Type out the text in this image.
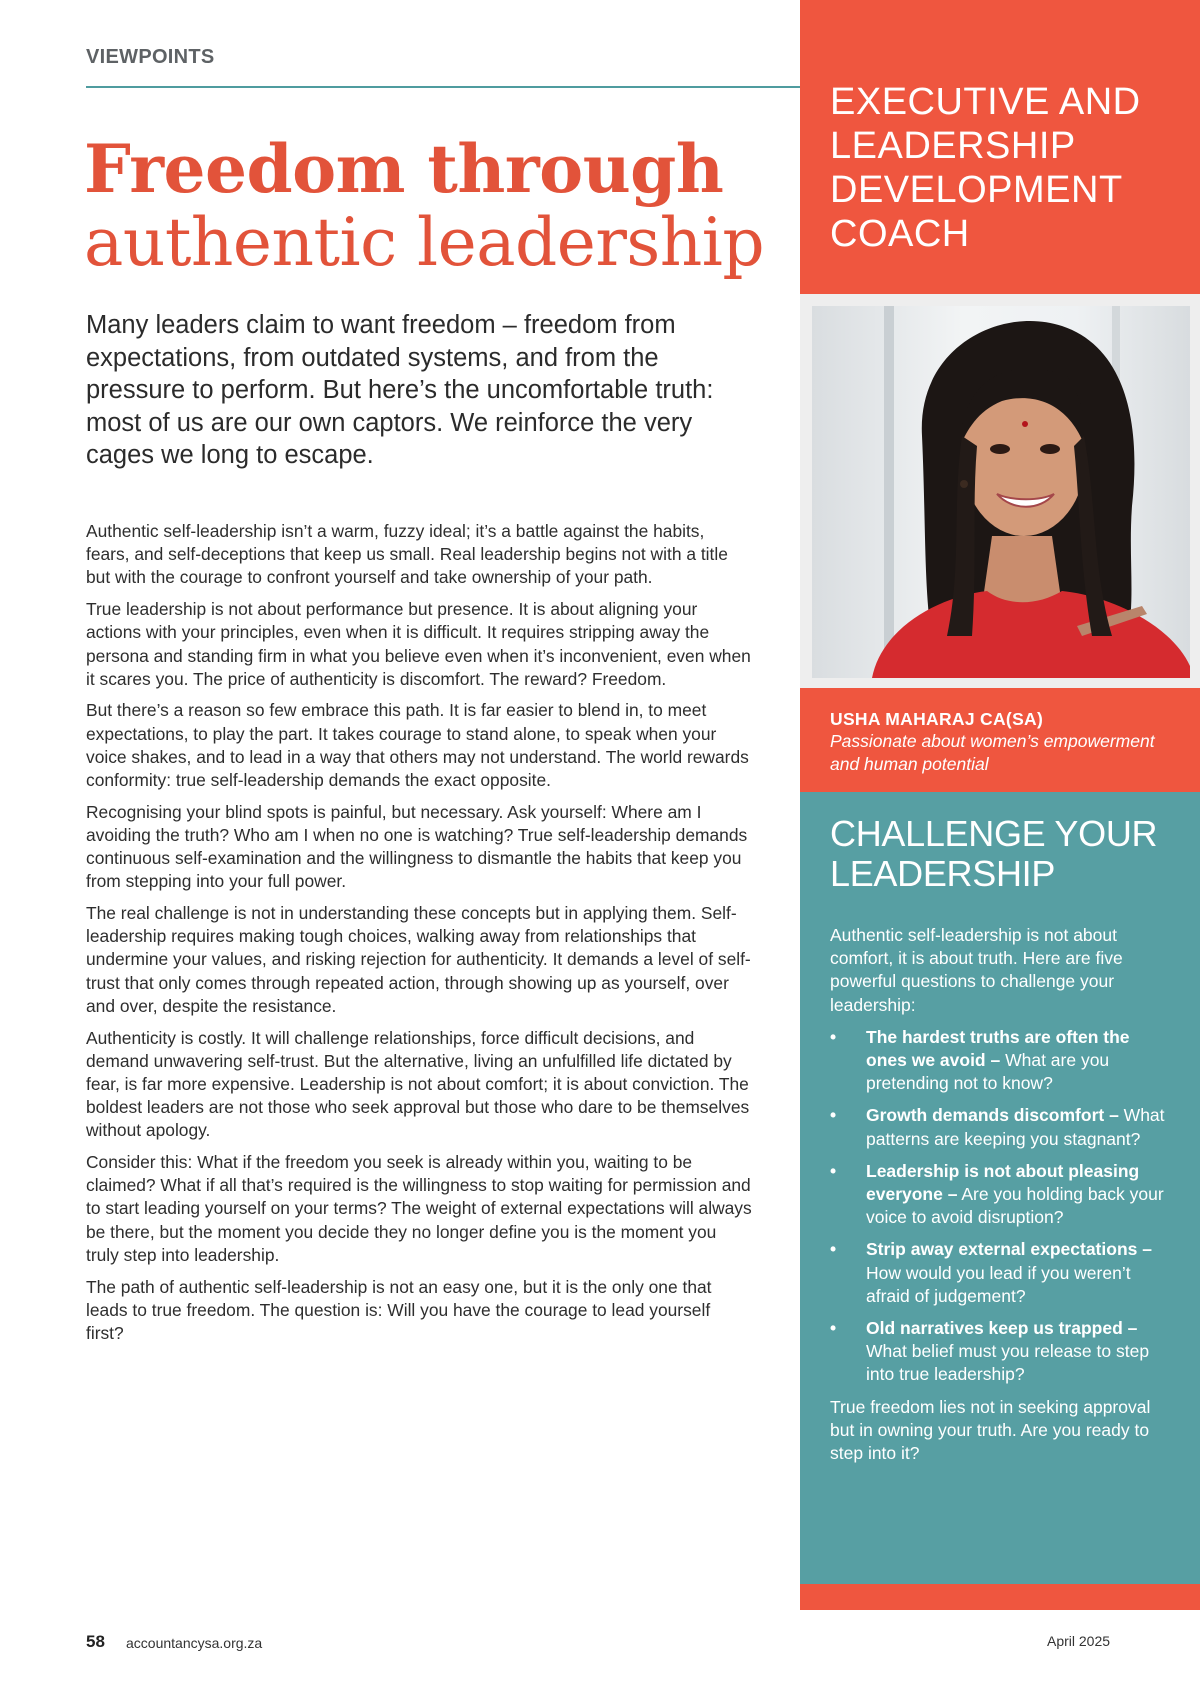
VIEWPOINTS
Freedom through
authentic leadership

Many leaders claim to want freedom – freedom from expectations, from outdated systems, and from the pressure to perform. But here’s the uncomfortable truth: most of us are our own captors. We reinforce the very cages we long to escape.

Authentic self-leadership isn’t a warm, fuzzy ideal; it’s a battle against the habits, fears, and self-deceptions that keep us small. Real leadership begins not with a title but with the courage to confront yourself and take ownership of your path.

True leadership is not about performance but presence. It is about aligning your actions with your principles, even when it is difficult. It requires stripping away the persona and standing firm in what you believe even when it’s inconvenient, even when it scares you. The price of authenticity is discomfort. The reward? Freedom.

But there’s a reason so few embrace this path. It is far easier to blend in, to meet expectations, to play the part. It takes courage to stand alone, to speak when your voice shakes, and to lead in a way that others may not understand. The world rewards conformity: true self-leadership demands the exact opposite.

Recognising your blind spots is painful, but necessary. Ask yourself: Where am I avoiding the truth? Who am I when no one is watching? True self-leadership demands continuous self-examination and the willingness to dismantle the habits that keep you from stepping into your full power.

The real challenge is not in understanding these concepts but in applying them. Self-leadership requires making tough choices, walking away from relationships that undermine your values, and risking rejection for authenticity. It demands a level of self-trust that only comes through repeated action, through showing up as yourself, over and over, despite the resistance.

Authenticity is costly. It will challenge relationships, force difficult decisions, and demand unwavering self-trust. But the alternative, living an unfulfilled life dictated by fear, is far more expensive. Leadership is not about comfort; it is about conviction. The boldest leaders are not those who seek approval but those who dare to be themselves without apology.

Consider this: What if the freedom you seek is already within you, waiting to be claimed? What if all that’s required is the willingness to stop waiting for permission and to start leading yourself on your terms? The weight of external expectations will always be there, but the moment you decide they no longer define you is the moment you truly step into leadership.

The path of authentic self-leadership is not an easy one, but it is the only one that leads to true freedom. The question is: Will you have the courage to lead yourself first?

EXECUTIVE AND LEADERSHIP DEVELOPMENT COACH
USHA MAHARAJ CA(SA)
Passionate about women’s empowerment and human potential
CHALLENGE YOUR LEADERSHIP

Authentic self-leadership is not about comfort, it is about truth. Here are five powerful questions to challenge your leadership:

• The hardest truths are often the ones we avoid – What are you pretending not to know?
• Growth demands discomfort – What patterns are keeping you stagnant?
• Leadership is not about pleasing everyone – Are you holding back your voice to avoid disruption?
• Strip away external expectations – How would you lead if you weren’t afraid of judgement?
• Old narratives keep us trapped – What belief must you release to step into true leadership?

True freedom lies not in seeking approval but in owning your truth. Are you ready to step into it?

58 accountancysa.org.za	April 2025
